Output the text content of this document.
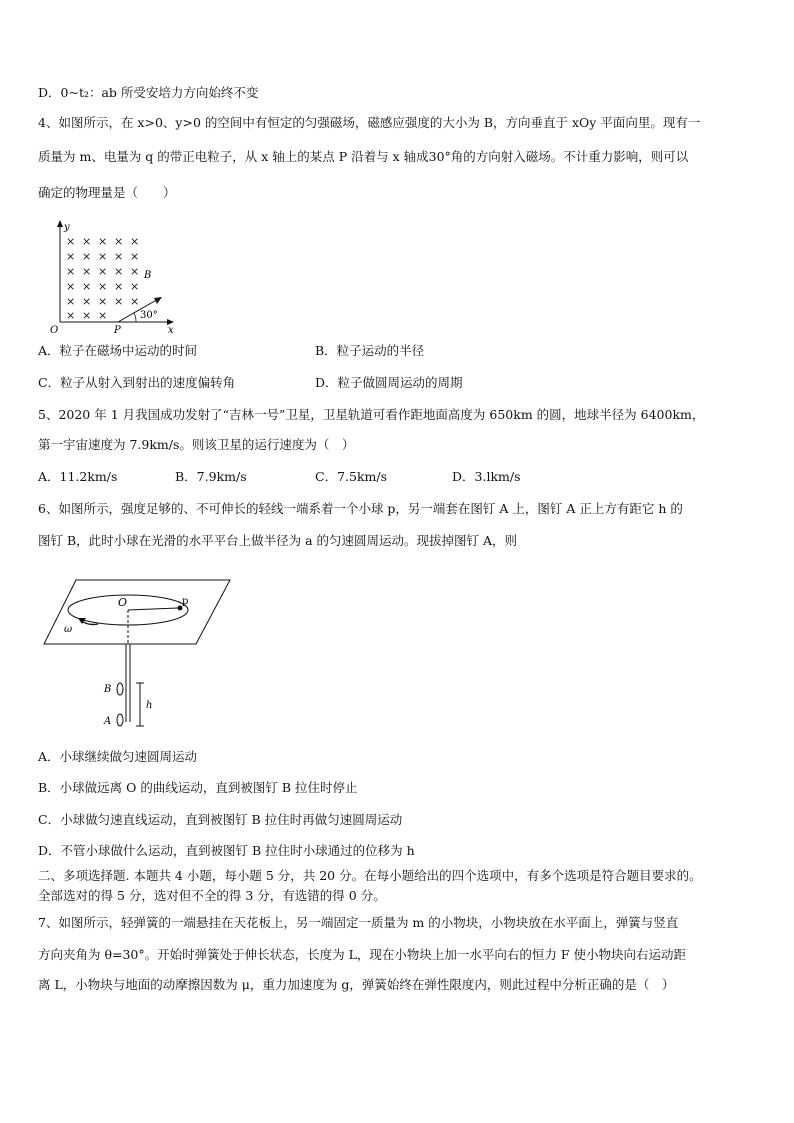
D．0~t₂：ab 所受安培力方向始终不变
4、如图所示，在 x>0、y>0 的空间中有恒定的匀强磁场，磁感应强度的大小为 B，方向垂直于 xOy 平面向里。现有一
质量为 m、电量为 q 的带正电粒子，从 x 轴上的某点 P 沿着与 x 轴成30°角的方向射入磁场。不计重力影响，则可以
确定的物理量是（　　）
y
x
O	P
B
× × × × ×
× × × × ×
× × × × ×
× × × × ×
× × × × ×
× × ×	30°
A．粒子在磁场中运动的时间	B．粒子运动的半径
C．粒子从射入到射出的速度偏转角	D．粒子做圆周运动的周期
5、2020 年 1 月我国成功发射了“吉林一号”卫星，卫星轨道可看作距地面高度为 650km 的圆，地球半径为 6400km，
第一宇宙速度为 7.9km/s。则该卫星的运行速度为（　）
A．11.2km/s	B．7.9km/s	C．7.5km/s	D．3.lkm/s
6、如图所示，强度足够的、不可伸长的轻线一端系着一个小球 p，另一端套在图钉 A 上，图钉 A 正上方有距它 h 的
图钉 B，此时小球在光滑的水平平台上做半径为 a 的匀速圆周运动。现拔掉图钉 A，则
O	p
ω
B
A
h
A．小球继续做匀速圆周运动
B．小球做远离 O 的曲线运动，直到被图钉 B 拉住时停止
C．小球做匀速直线运动，直到被图钉 B 拉住时再做匀速圆周运动
D．不管小球做什么运动，直到被图钉 B 拉住时小球通过的位移为 h
二、多项选择题. 本题共 4 小题，每小题 5 分，共 20 分。在每小题给出的四个选项中，有多个选项是符合题目要求的。
全部选对的得 5 分，选对但不全的得 3 分，有选错的得 0 分。
7、如图所示，轻弹簧的一端悬挂在天花板上，另一端固定一质量为 m 的小物块，小物块放在水平面上，弹簧与竖直
方向夹角为 θ=30°。开始时弹簧处于伸长状态，长度为 L，现在小物块上加一水平向右的恒力 F 使小物块向右运动距
离 L，小物块与地面的动摩擦因数为 μ，重力加速度为 g，弹簧始终在弹性限度内，则此过程中分析正确的是（　）
